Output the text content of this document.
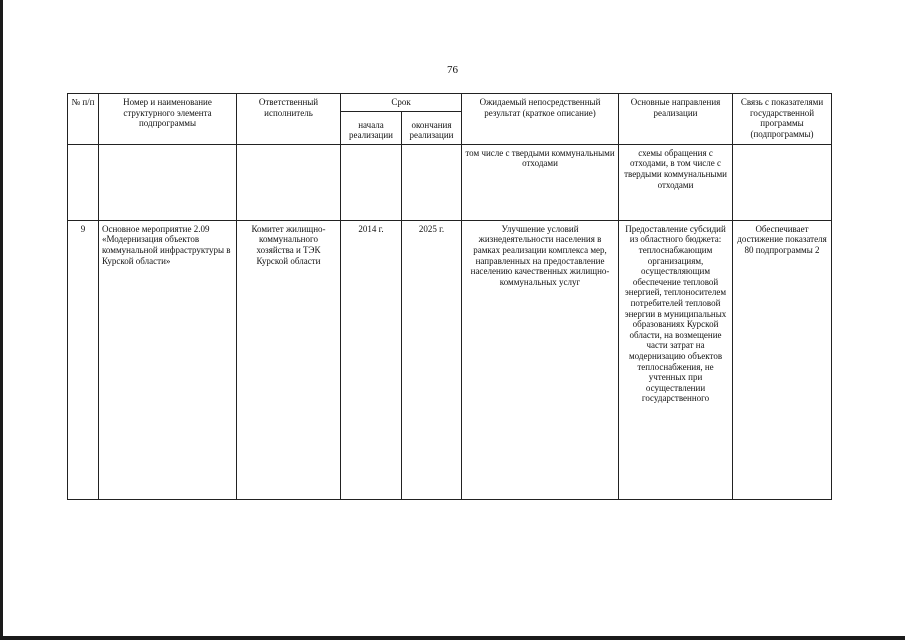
76
№ п/п	Номер и наименование структурного элемента подпрограммы	Ответственный исполнитель	Срок		Ожидаемый непосредственный результат (краткое описание)	Основные направления реализации	Связь с показателями государственной программы (подпрограммы)
			начала реализации	окончания реализации			
					том числе с твердыми коммунальными отходами	схемы обращения с отходами, в том числе с твердыми коммунальными отходами	
9	Основное мероприятие 2.09 «Модернизация объектов коммунальной инфраструктуры в Курской области»	Комитет жилищно-коммунального хозяйства и ТЭК Курской области	2014 г.	2025 г.	Улучшение условий жизнедеятельности населения в рамках реализации комплекса мер, направленных на предоставление населению качественных жилищно-коммунальных услуг	Предоставление субсидий из областного бюджета: теплоснабжающим организациям, осуществляющим обеспечение тепловой энергией, теплоносителем потребителей тепловой энергии в муниципальных образованиях Курской области, на возмещение части затрат на модернизацию объектов теплоснабжения, не учтенных при осуществлении государственного	Обеспечивает достижение показателя 80 подпрограммы 2
